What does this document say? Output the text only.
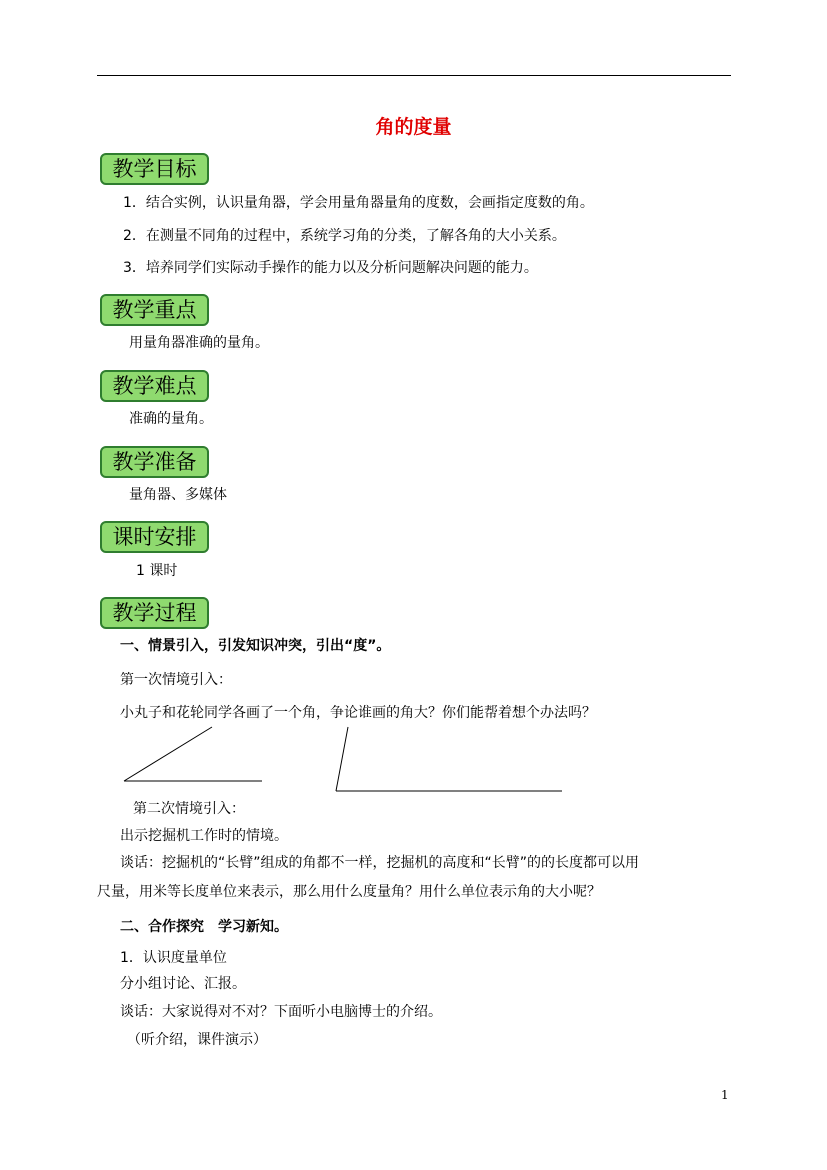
角的度量
教学目标
1．结合实例，认识量角器，学会用量角器量角的度数，会画指定度数的角。
2．在测量不同角的过程中，系统学习角的分类，了解各角的大小关系。
3．培养同学们实际动手操作的能力以及分析问题解决问题的能力。
教学重点
用量角器准确的量角。
教学难点
准确的量角。
教学准备
量角器、多媒体
课时安排
1 课时
教学过程
一、情景引入，引发知识冲突，引出“度”。
第一次情境引入：
小丸子和花轮同学各画了一个角，争论谁画的角大？你们能帮着想个办法吗？
第二次情境引入：
出示挖掘机工作时的情境。
谈话：挖掘机的“长臂”组成的角都不一样，挖掘机的高度和“长臂”的的长度都可以用
尺量，用米等长度单位来表示，那么用什么度量角？用什么单位表示角的大小呢？
二、合作探究　学习新知。
1．认识度量单位
分小组讨论、汇报。
谈话：大家说得对不对？下面听小电脑博士的介绍。
（听介绍，课件演示）
1
